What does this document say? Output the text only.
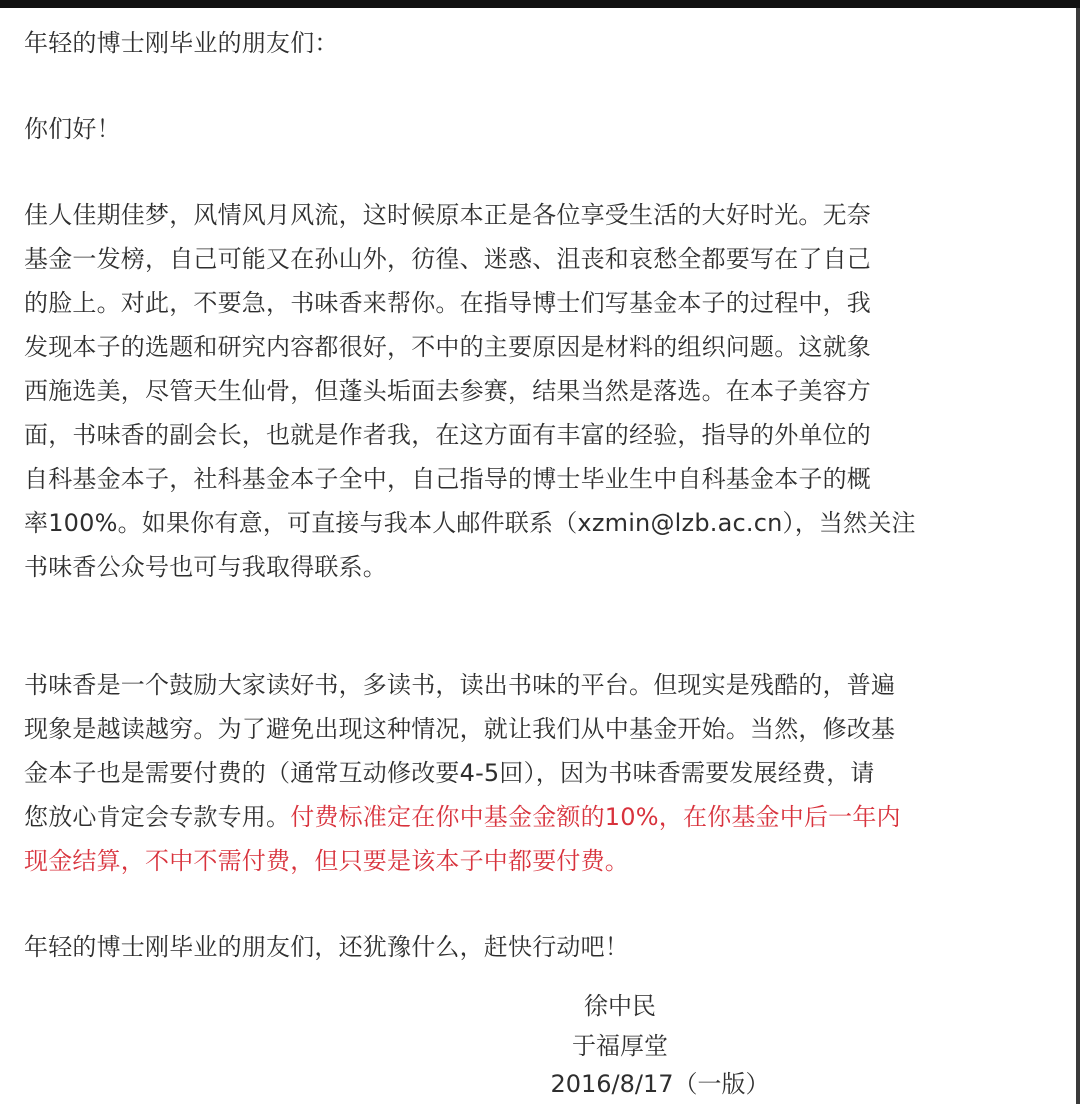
年轻的博士刚毕业的朋友们：
你们好！
佳人佳期佳梦，风情风月风流，这时候原本正是各位享受生活的大好时光。无奈
基金一发榜，自己可能又在孙山外，彷徨、迷惑、沮丧和哀愁全都要写在了自己
的脸上。对此，不要急，书味香来帮你。在指导博士们写基金本子的过程中，我
发现本子的选题和研究内容都很好，不中的主要原因是材料的组织问题。这就象
西施选美，尽管天生仙骨，但蓬头垢面去参赛，结果当然是落选。在本子美容方
面，书味香的副会长，也就是作者我，在这方面有丰富的经验，指导的外单位的
自科基金本子，社科基金本子全中，自己指导的博士毕业生中自科基金本子的概
率100%。如果你有意，可直接与我本人邮件联系（xzmin@lzb.ac.cn），当然关注
书味香公众号也可与我取得联系。
书味香是一个鼓励大家读好书，多读书，读出书味的平台。但现实是残酷的，普遍
现象是越读越穷。为了避免出现这种情况，就让我们从中基金开始。当然，修改基
金本子也是需要付费的（通常互动修改要4-5回），因为书味香需要发展经费，请
您放心肯定会专款专用。付费标准定在你中基金金额的10%，在你基金中后一年内
现金结算，不中不需付费，但只要是该本子中都要付费。
年轻的博士刚毕业的朋友们，还犹豫什么，赶快行动吧！
徐中民
于福厚堂
2016/8/17（一版）
